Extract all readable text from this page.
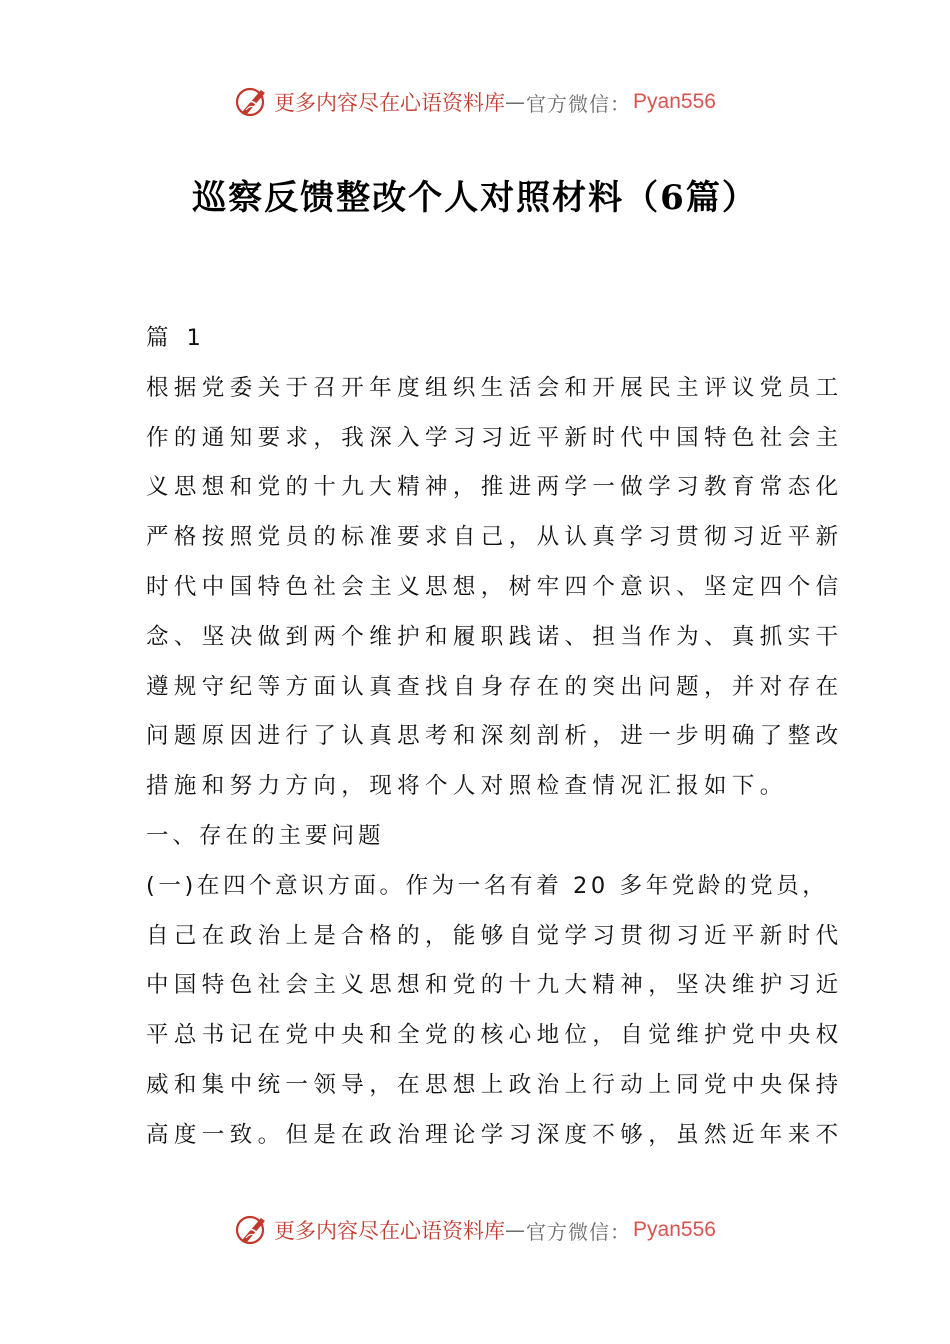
更多内容尽在心语资料库 — 官方微信： Pyan556
巡察反馈整改个人对照材料（6篇）
篇 1
根据党委关于召开年度组织生活会和开展民主评议党员工
作的通知要求，我深入学习习近平新时代中国特色社会主
义思想和党的十九大精神，推进两学一做学习教育常态化
严格按照党员的标准要求自己，从认真学习贯彻习近平新
时代中国特色社会主义思想，树牢四个意识、坚定四个信
念、坚决做到两个维护和履职践诺、担当作为、真抓实干
遵规守纪等方面认真查找自身存在的突出问题，并对存在
问题原因进行了认真思考和深刻剖析，进一步明确了整改
措施和努力方向，现将个人对照检查情况汇报如下。
一、存在的主要问题
(一)在四个意识方面。作为一名有着 20 多年党龄的党员，
自己在政治上是合格的，能够自觉学习贯彻习近平新时代
中国特色社会主义思想和党的十九大精神，坚决维护习近
平总书记在党中央和全党的核心地位，自觉维护党中央权
威和集中统一领导，在思想上政治上行动上同党中央保持
高度一致。但是在政治理论学习深度不够，虽然近年来不
更多内容尽在心语资料库 — 官方微信： Pyan556
